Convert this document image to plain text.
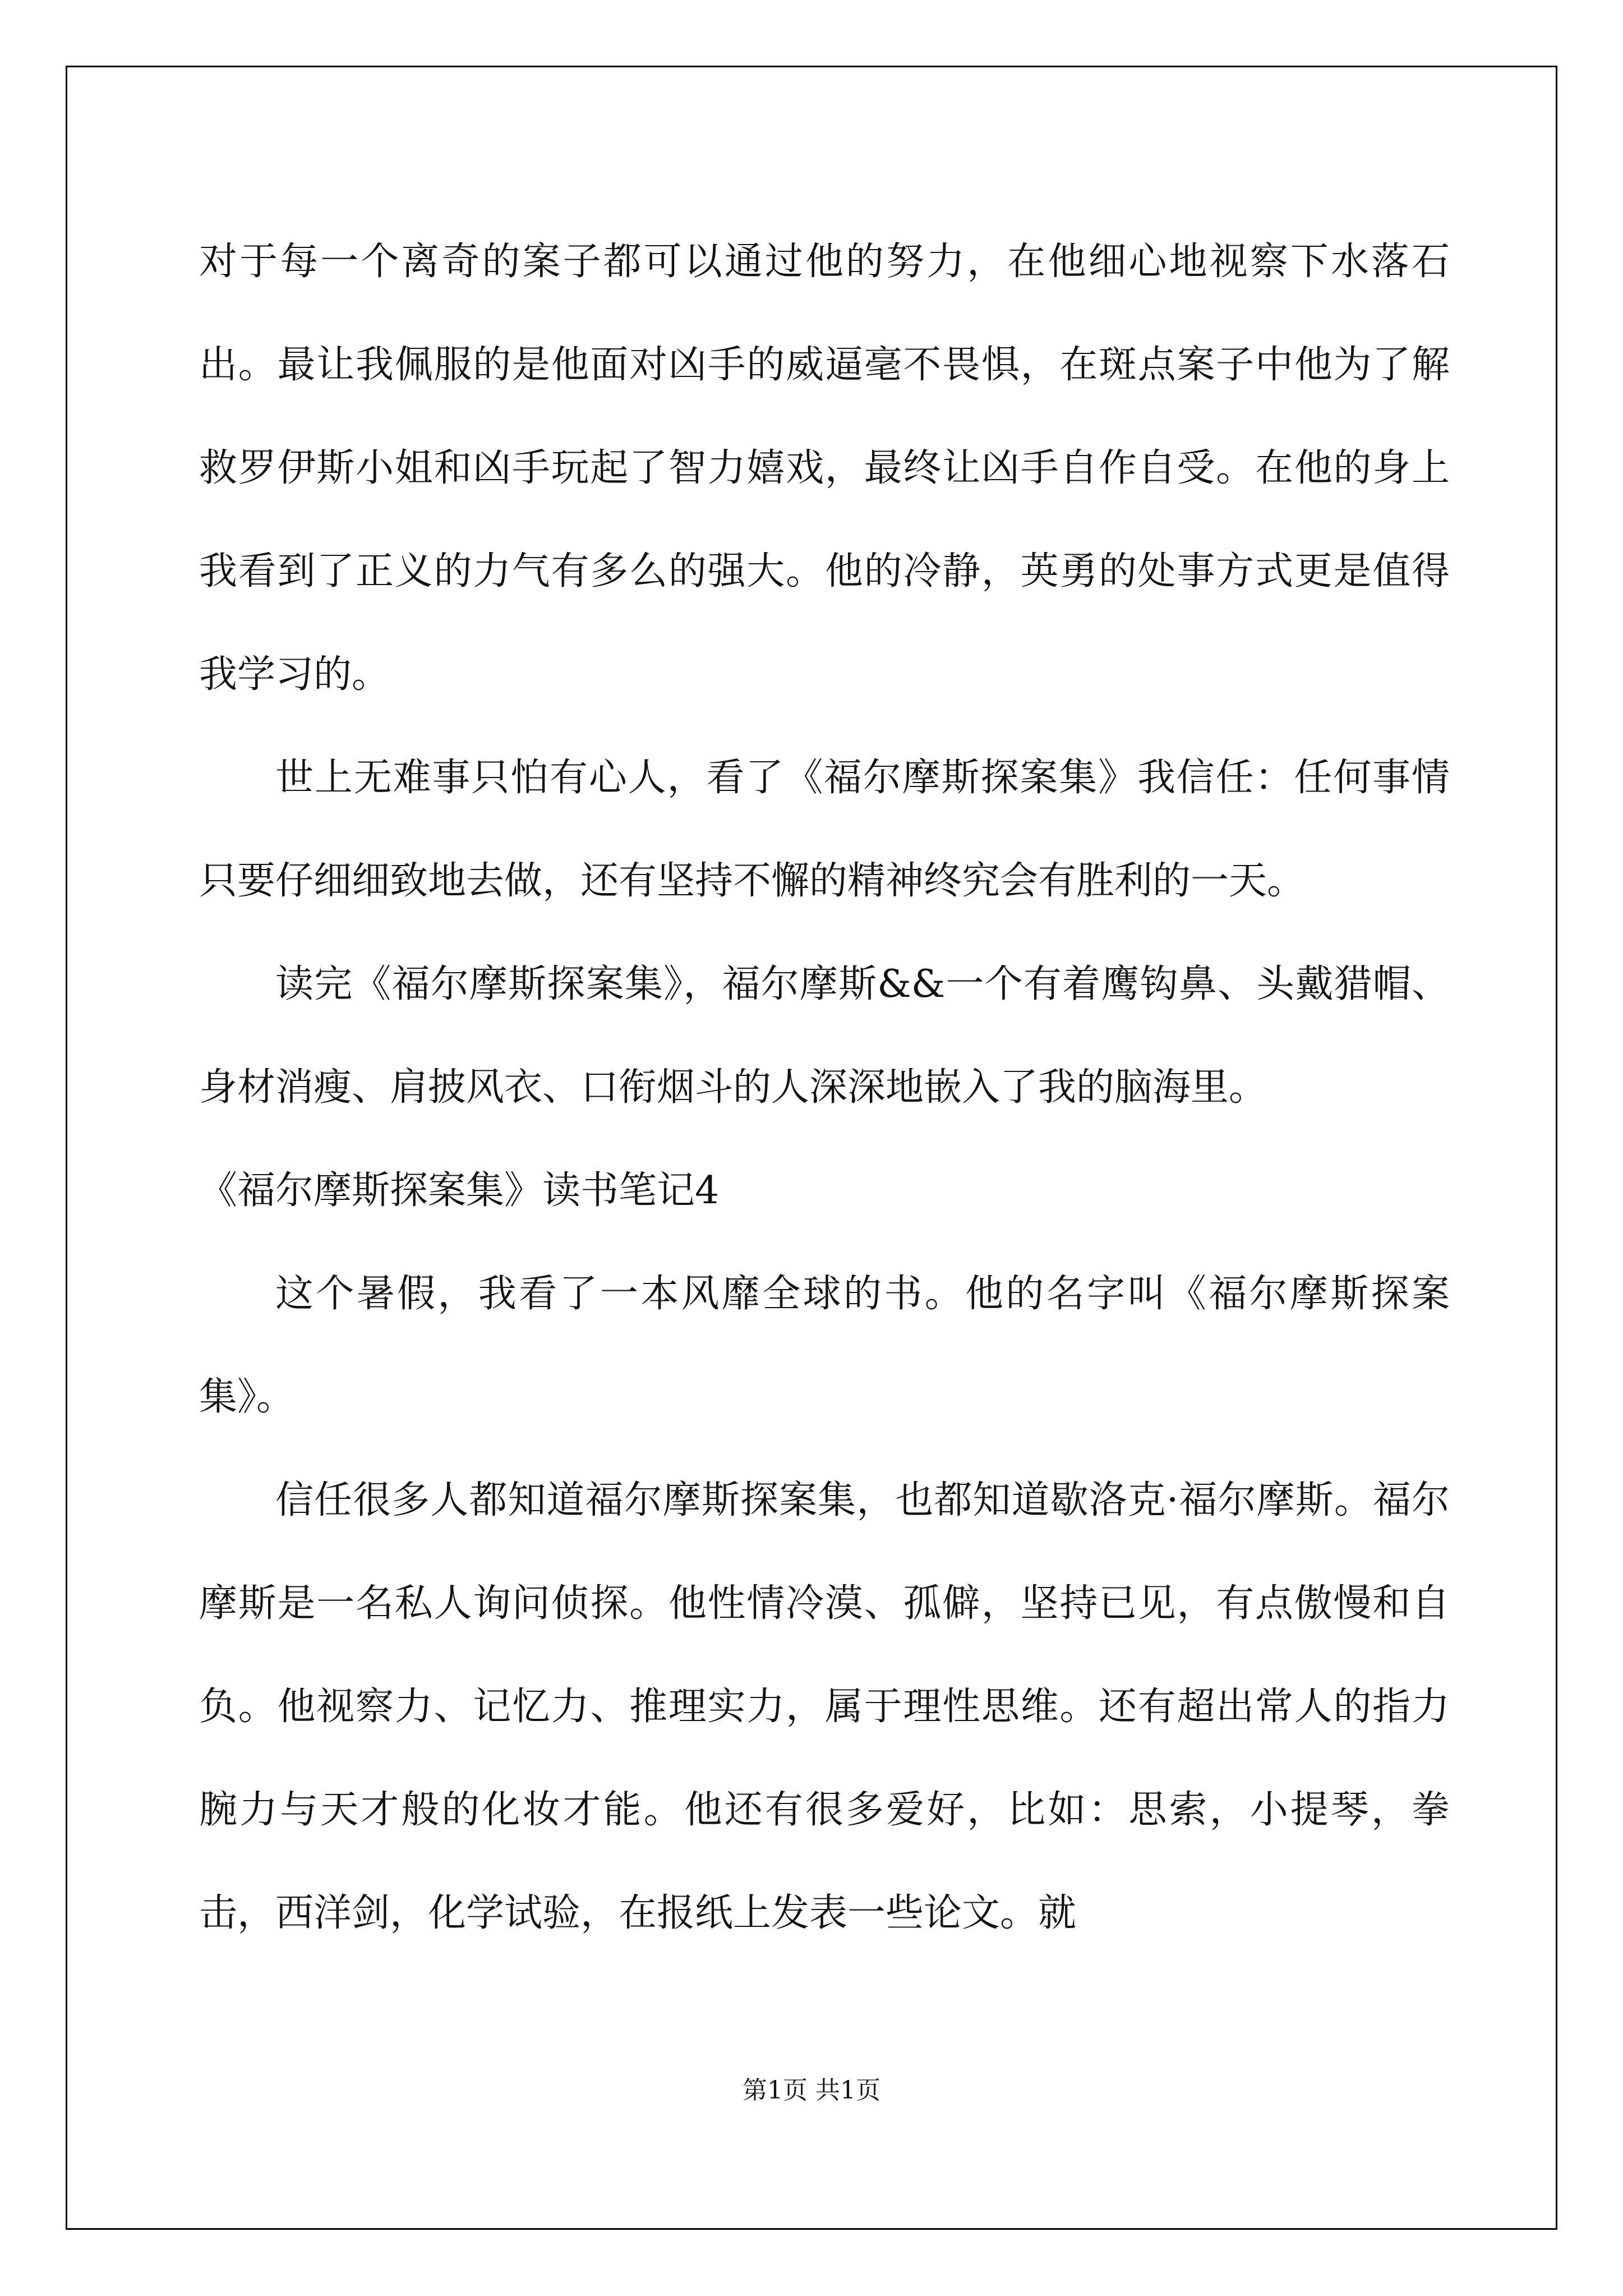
对于每一个离奇的案子都可以通过他的努力，在他细心地视察下水落石出。最让我佩服的是他面对凶手的威逼毫不畏惧，在斑点案子中他为了解救罗伊斯小姐和凶手玩起了智力嬉戏，最终让凶手自作自受。在他的身上我看到了正义的力气有多么的强大。他的冷静，英勇的处事方式更是值得我学习的。

世上无难事只怕有心人，看了《福尔摩斯探案集》我信任：任何事情只要仔细细致地去做，还有坚持不懈的精神终究会有胜利的一天。

读完《福尔摩斯探案集》，福尔摩斯&&一个有着鹰钩鼻、头戴猎帽、身材消瘦、肩披风衣、口衔烟斗的人深深地嵌入了我的脑海里。

《福尔摩斯探案集》读书笔记4

这个暑假，我看了一本风靡全球的书。他的名字叫《福尔摩斯探案集》。

信任很多人都知道福尔摩斯探案集，也都知道歇洛克·福尔摩斯。福尔摩斯是一名私人询问侦探。他性情冷漠、孤僻，坚持已见，有点傲慢和自负。他视察力、记忆力、推理实力，属于理性思维。还有超出常人的指力腕力与天才般的化妆才能。他还有很多爱好，比如：思索，小提琴，拳击，西洋剑，化学试验，在报纸上发表一些论文。就

第1页 共1页
